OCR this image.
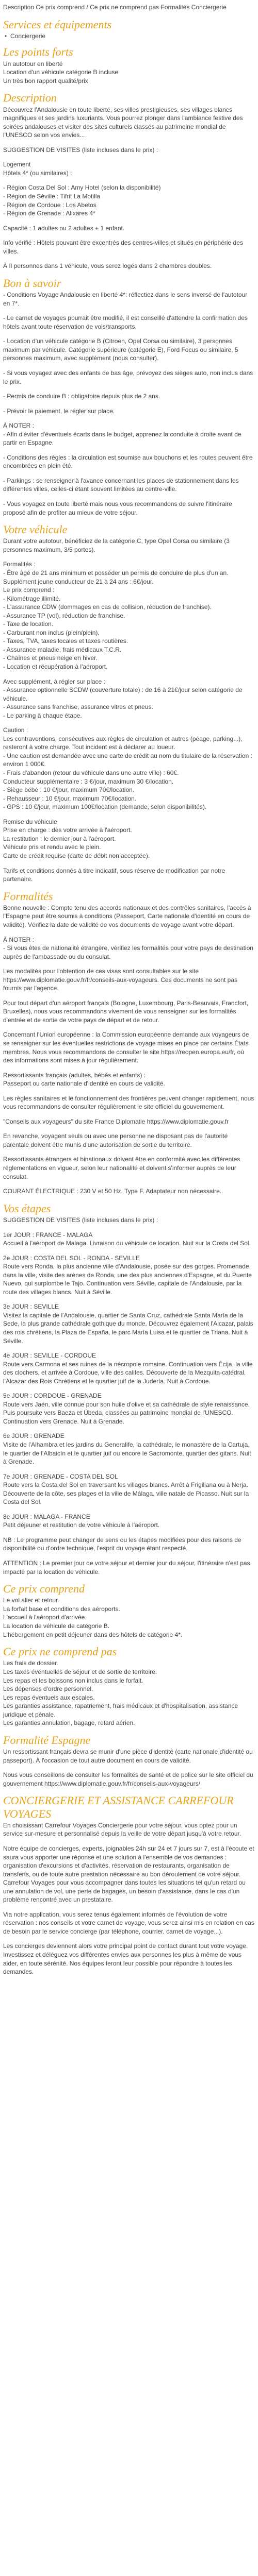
Description Ce prix comprend / Ce prix ne comprend pas Formalités Conciergerie

Services et équipements
• Conciergerie
Les points forts

Un autotour en liberté
Location d'un véhicule catégorie B incluse
Un très bon rapport qualité/prix

Description

Découvrez l'Andalousie en toute liberté, ses villes prestigieuses, ses villages blancs magnifiques et ses jardins luxuriants. Vous pourrez plonger dans l'ambiance festive des soirées andalouses et visiter des sites culturels classés au patrimoine mondial de l'UNESCO selon vos envies...

SUGGESTION DE VISITES (liste incluses dans le prix) :

Logement
Hôtels 4* (ou similaires) :

- Région Costa Del Sol : Amy Hotel (selon la disponibilité)
- Région de Séville : Tifrit La Motilla
- Région de Cordoue : Los Abetos
- Région de Grenade : Alixares 4*

Capacité : 1 adultes ou 2 adultes + 1 enfant.

Info vérifié : Hôtels pouvant être excentrés des centres-villes et situés en périphérie des villes.

À Il personnes dans 1 véhicule, vous serez logés dans 2 chambres doubles.

Bon à savoir

- Conditions Voyage Andalousie en liberté 4*: réflectiez dans le sens inversé de l'autotour en 7*.

- Le carnet de voyages pourrait être modifié, il est conseillé d'attendre la confirmation des hôtels avant toute réservation de vols/transports.

- Location d'un véhicule catégorie B (Citroen, Opel Corsa ou similaire), 3 personnes maximum par véhicule. Catégorie supérieure (catégorie E), Ford Focus ou similaire, 5 personnes maximum, avec supplément (nous consulter).

- Si vous voyagez avec des enfants de bas âge, prévoyez des sièges auto, non inclus dans le prix.

- Permis de conduire B : obligatoire depuis plus de 2 ans.

- Prévoir le paiement, le régler sur place.

À NOTER :

- Afin d'éviter d'éventuels écarts dans le budget, apprenez la conduite à droite avant de partir en Espagne.

- Conditions des règles : la circulation est soumise aux bouchons et les routes peuvent être encombrées en plein été.

- Parkings : se renseigner à l'avance concernant les places de stationnement dans les différentes villes, celles-ci étant souvent limitées au centre-ville.

- Vous voyagez en toute liberté mais nous vous recommandons de suivre l'itinéraire proposé afin de profiter au mieux de votre séjour.

Votre véhicule

Durant votre autotour, bénéficiez de la catégorie C, type Opel Corsa ou similaire (3 personnes maximum, 3/5 portes).

Formalités :
- Être âgé de 21 ans minimum et posséder un permis de conduire de plus d'un an. Supplément jeune conducteur de 21 à 24 ans : 6€/jour.
Le prix comprend :
- Kilométrage illimité.
- L'assurance CDW (dommages en cas de collision, réduction de franchise).
- Assurance TP (vol), réduction de franchise.
- Taxe de location.
- Carburant non inclus (plein/plein).
- Taxes, TVA, taxes locales et taxes routières.
- Assurance maladie, frais médicaux T.C.R.
- Chaînes et pneus neige en hiver.
- Location et récupération à l'aéroport.

Avec supplément, à régler sur place :
- Assurance optionnelle SCDW (couverture totale) : de 16 à 21€/jour selon catégorie de véhicule.
- Assurance sans franchise, assurance vitres et pneus.
- Le parking à chaque étape.

Caution :
Les contraventions, consécutives aux règles de circulation et autres (péage, parking...), resteront à votre charge. Tout incident est à déclarer au loueur.
- Une caution est demandée avec une carte de crédit au nom du titulaire de la réservation : environ 1 000€.
- Frais d'abandon (retour du véhicule dans une autre ville) : 60€.
Conducteur supplémentaire : 3 €/jour, maximum 30 €/location.
- Siège bébé : 10 €/jour, maximum 70€/location.
- Rehausseur : 10 €/jour, maximum 70€/location.
- GPS : 10 €/jour, maximum 100€/location (demande, selon disponibilités).

Remise du véhicule
Prise en charge : dès votre arrivée à l'aéroport.
La restitution : le dernier jour à l'aéroport.
Véhicule pris et rendu avec le plein.
Carte de crédit requise (carte de débit non acceptée).

Tarifs et conditions donnés à titre indicatif, sous réserve de modification par notre partenaire.

Formalités

Bonne nouvelle : Compte tenu des accords nationaux et des contrôles sanitaires, l'accès à l'Espagne peut être soumis à conditions (Passeport, Carte nationale d'identité en cours de validité). Vérifiez la date de validité de vos documents de voyage avant votre départ.

À NOTER :

- Si vous êtes de nationalité étrangère, vérifiez les formalités pour votre pays de destination auprès de l'ambassade ou du consulat.

Les modalités pour l'obtention de ces visas sont consultables sur le site https://www.diplomatie.gouv.fr/fr/conseils-aux-voyageurs. Ces documents ne sont pas fournis par l'agence.

Pour tout départ d'un aéroport français (Bologne, Luxembourg, Paris-Beauvais, Francfort, Bruxelles), nous vous recommandons vivement de vous renseigner sur les formalités d'entrée et de sortie de votre pays de départ et de retour.

Concernant l'Union européenne : la Commission européenne demande aux voyageurs de se renseigner sur les éventuelles restrictions de voyage mises en place par certains États membres. Nous vous recommandons de consulter le site https://reopen.europa.eu/fr, où des informations sont mises à jour régulièrement.

Ressortissants français (adultes, bébés et enfants) :
Passeport ou carte nationale d'identité en cours de validité.

Les règles sanitaires et le fonctionnement des frontières peuvent changer rapidement, nous vous recommandons de consulter régulièrement le site officiel du gouvernement.

"Conseils aux voyageurs" du site France Diplomatie https://www.diplomatie.gouv.fr

En revanche, voyagent seuls ou avec une personne ne disposant pas de l'autorité parentale doivent être munis d'une autorisation de sortie du territoire.

Ressortissants étrangers et binationaux doivent être en conformité avec les différentes réglementations en vigueur, selon leur nationalité et doivent s'informer auprès de leur consulat.

COURANT ÉLECTRIQUE : 230 V et 50 Hz. Type F. Adaptateur non nécessaire.

Vos étapes

SUGGESTION DE VISITES (liste incluses dans le prix) :

1er JOUR : FRANCE - MALAGA
Accueil à l'aéroport de Malaga. Livraison du véhicule de location. Nuit sur la Costa del Sol.

2e JOUR : COSTA DEL SOL - RONDA - SEVILLE
Route vers Ronda, la plus ancienne ville d'Andalousie, posée sur des gorges. Promenade dans la ville, visite des arènes de Ronda, une des plus anciennes d'Espagne, et du Puente Nuevo, qui surplombe le Tajo. Continuation vers Séville, capitale de l'Andalousie, par la route des villages blancs. Nuit à Séville.

3e JOUR : SEVILLE
Visitez la capitale de l'Andalousie, quartier de Santa Cruz, cathédrale Santa María de la Sede, la plus grande cathédrale gothique du monde. Découvrez également l'Alcazar, palais des rois chrétiens, la Plaza de España, le parc María Luisa et le quartier de Triana. Nuit à Séville.

4e JOUR : SEVILLE - CORDOUE
Route vers Carmona et ses ruines de la nécropole romaine. Continuation vers Écija, la ville des clochers, et arrivée à Cordoue, ville des califes. Découverte de la Mezquita-catédral, l'Alcazar des Rois Chrétiens et le quartier juif de la Judería. Nuit à Cordoue.

5e JOUR : CORDOUE - GRENADE
Route vers Jaén, ville connue pour son huile d'olive et sa cathédrale de style renaissance. Puis poursuite vers Baeza et Úbeda, classées au patrimoine mondial de l'UNESCO. Continuation vers Grenade. Nuit à Grenade.

6e JOUR : GRENADE
Visite de l'Alhambra et les jardins du Generalife, la cathédrale, le monastère de la Cartuja, le quartier de l'Albaicín et le quartier juif ou encore le Sacromonte, quartier des gitans. Nuit à Grenade.

7e JOUR : GRENADE - COSTA DEL SOL
Route vers la Costa del Sol en traversant les villages blancs. Arrêt à Frigiliana ou à Nerja. Découverte de la côte, ses plages et la ville de Málaga, ville natale de Picasso. Nuit sur la Costa del Sol.

8e JOUR : MALAGA - FRANCE
Petit déjeuner et restitution de votre véhicule à l'aéroport.

NB : Le programme peut changer de sens ou les étapes modifiées pour des raisons de disponibilité ou d'ordre technique, l'esprit du voyage étant respecté.

ATTENTION : Le premier jour de votre séjour et dernier jour du séjour, l'itinéraire n'est pas impacté par la location de véhicule.

Ce prix comprend

Le vol aller et retour.
La forfait base et conditions des aéroports.
L'accueil à l'aéroport d'arrivée.
La location de véhicule de catégorie B.
L'hébergement en petit déjeuner dans des hôtels de catégorie 4*.

Ce prix ne comprend pas

Les frais de dossier.
Les taxes éventuelles de séjour et de sortie de territoire.
Les repas et les boissons non inclus dans le forfait.
Les dépenses d'ordre personnel.
Les repas éventuels aux escales.
Les garanties assistance, rapatriement, frais médicaux et d'hospitalisation, assistance juridique et pénale.
Les garanties annulation, bagage, retard aérien.

Formalité Espagne

Un ressortissant français devra se munir d'une pièce d'identité (carte nationale d'identité ou passeport). À l'occasion de tout autre document en cours de validité.

Nous vous conseillons de consulter les formalités de santé et de police sur le site officiel du gouvernement https://www.diplomatie.gouv.fr/fr/conseils-aux-voyageurs/

CONCIERGERIE ET ASSISTANCE CARREFOUR VOYAGES

En choisissant Carrefour Voyages Conciergerie pour votre séjour, vous optez pour un service sur-mesure et personnalisé depuis la veille de votre départ jusqu'à votre retour.

Notre équipe de concierges, experts, joignables 24h sur 24 et 7 jours sur 7, est à l'écoute et saura vous apporter une réponse et une solution à l'ensemble de vos demandes : organisation d'excursions et d'activités, réservation de restaurants, organisation de transferts, ou de toute autre prestation nécessaire au bon déroulement de votre séjour. Carrefour Voyages pour vous accompagner dans toutes les situations tel qu'un retard ou une annulation de vol, une perte de bagages, un besoin d'assistance, dans le cas d'un problème rencontré avec un prestataire.

Via notre application, vous serez tenus également informés de l'évolution de votre réservation : nos conseils et votre carnet de voyage, vous serez ainsi mis en relation en cas de besoin par le service concierge (par téléphone, courrier, carnet de voyage...).

Les concierges deviennent alors votre principal point de contact durant tout votre voyage. Investissez et déléguez vos différentes envies aux personnes les plus à même de vous aider, en toute sérénité. Nos équipes feront leur possible pour répondre à toutes les demandes.
